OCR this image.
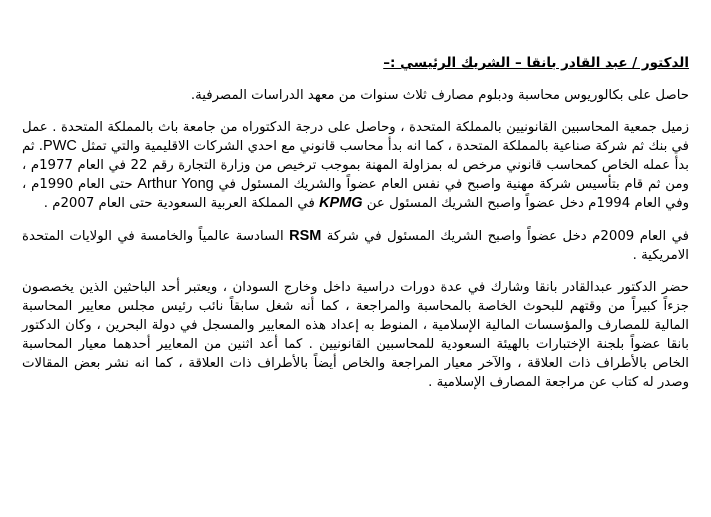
الدكتور / عبد القادر بانقا – الشريك الرئيسي :–

حاصل على بكالوريوس محاسبة ودبلوم مصارف ثلاث سنوات من معهد الدراسات المصرفية.

زميل جمعية المحاسبين القانونيين بالمملكة المتحدة ، وحاصل على درجة الدكتوراه من جامعة باث بالمملكة المتحدة . عمل في بنك ثم شركة صناعية بالمملكة المتحدة ، كما انه بدأ محاسب قانوني مع احدي الشركات الاقليمية والتي تمثل PWC. ثم بدأ عمله الخاص كمحاسب قانوني مرخص له بمزاولة المهنة بموجب ترخيص من وزارة التجارة رقم 22 في العام 1977م ، ومن ثم قام بتأسيس شركة مهنية واصبح في نفس العام عضواً والشريك المسئول في Arthur Yong حتى العام 1990م ، وفي العام 1994م دخل عضواً واصبح الشريك المسئول عن KPMG في المملكة العربية السعودية حتى العام 2007م .

في العام 2009م دخل عضواً واصبح الشريك المسئول في شركة RSM السادسة عالمياً والخامسة في الولايات المتحدة الامريكية .

حضر الدكتور عبدالقادر بانقا وشارك في عدة دورات دراسية داخل وخارج السودان ، ويعتبر أحد الباحثين الذين يخصصون جزءاً كبيراً من وقتهم للبحوث الخاصة بالمحاسبة والمراجعة ، كما أنه شغل سابقاً نائب رئيس مجلس معايير المحاسبة المالية للمصارف والمؤسسات المالية الإسلامية ، المنوط به إعداد هذه المعايير والمسجل في دولة البحرين ، وكان الدكتور بانقا عضواً بلجنة الإختبارات بالهيئة السعودية للمحاسبين القانونيين . كما أعد اثنين من المعايير أحدهما معيار المحاسبة الخاص بالأطراف ذات العلاقة ، والآخر معيار المراجعة والخاص أيضاً بالأطراف ذات العلاقة ، كما انه نشر بعض المقالات وصدر له كتاب عن مراجعة المصارف الإسلامية .
